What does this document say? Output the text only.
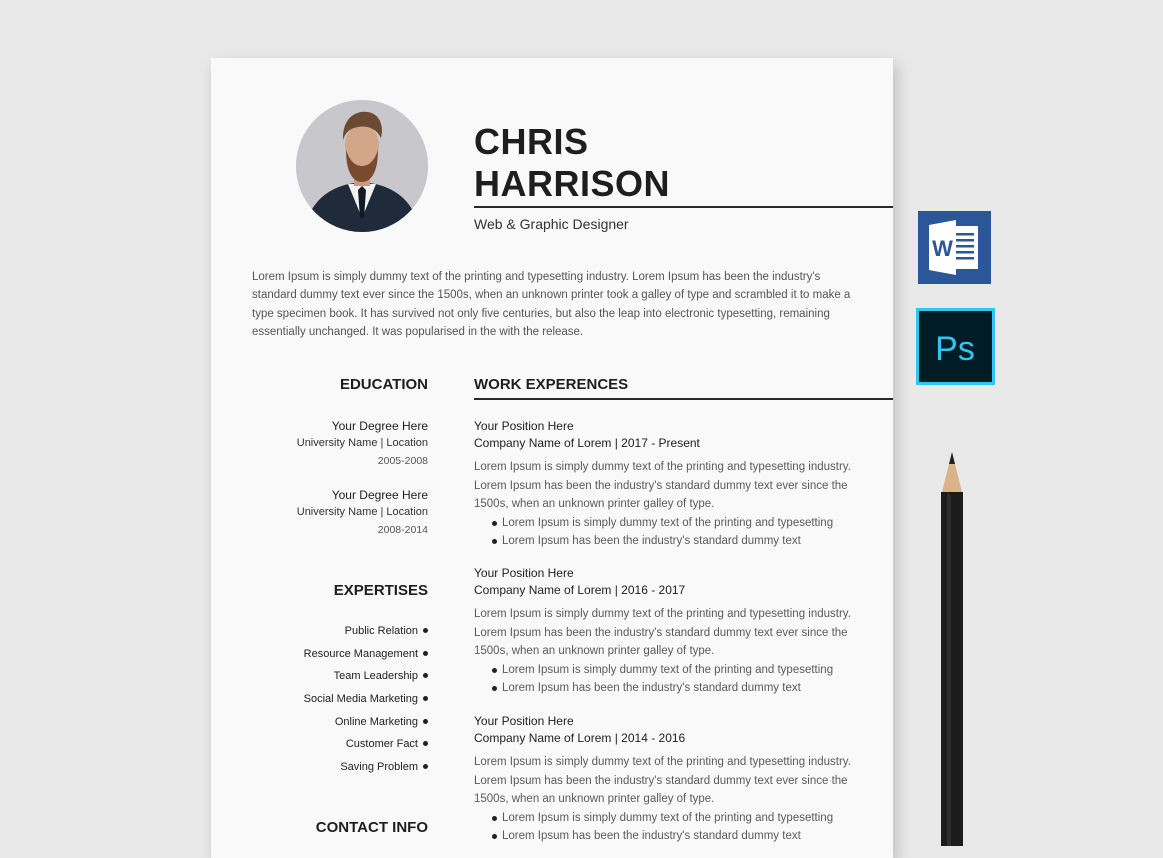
CHRIS
HARRISON
Web & Graphic Designer

Lorem Ipsum is simply dummy text of the printing and typesetting industry. Lorem Ipsum has been the industry's standard dummy text ever since the 1500s, when an unknown printer took a galley of type and scrambled it to make a type specimen book. It has survived not only five centuries, but also the leap into electronic typesetting, remaining essentially unchanged. It was popularised in the with the release.

EDUCATION
Your Degree Here
University Name | Location
2005-2008
Your Degree Here
University Name | Location
2008-2014
EXPERTISES
Public Relation
Resource Management
Team Leadership
Social Media Marketing
Online Marketing
Customer Fact
Saving Problem
CONTACT INFO
WORK EXPERENCES
Your Position Here
Company Name of Lorem | 2017 - Present
Lorem Ipsum is simply dummy text of the printing and typesetting industry. Lorem Ipsum has been the industry's standard dummy text ever since the 1500s, when an unknown printer galley of type.
Lorem Ipsum is simply dummy text of the printing and typesetting
Lorem Ipsum has been the industry's standard dummy text
Your Position Here
Company Name of Lorem | 2016 - 2017
Lorem Ipsum is simply dummy text of the printing and typesetting industry. Lorem Ipsum has been the industry's standard dummy text ever since the 1500s, when an unknown printer galley of type.
Lorem Ipsum is simply dummy text of the printing and typesetting
Lorem Ipsum has been the industry's standard dummy text
Your Position Here
Company Name of Lorem | 2014 - 2016
Lorem Ipsum is simply dummy text of the printing and typesetting industry. Lorem Ipsum has been the industry's standard dummy text ever since the 1500s, when an unknown printer galley of type.
Lorem Ipsum is simply dummy text of the printing and typesetting
Lorem Ipsum has been the industry's standard dummy text
W
Ps
